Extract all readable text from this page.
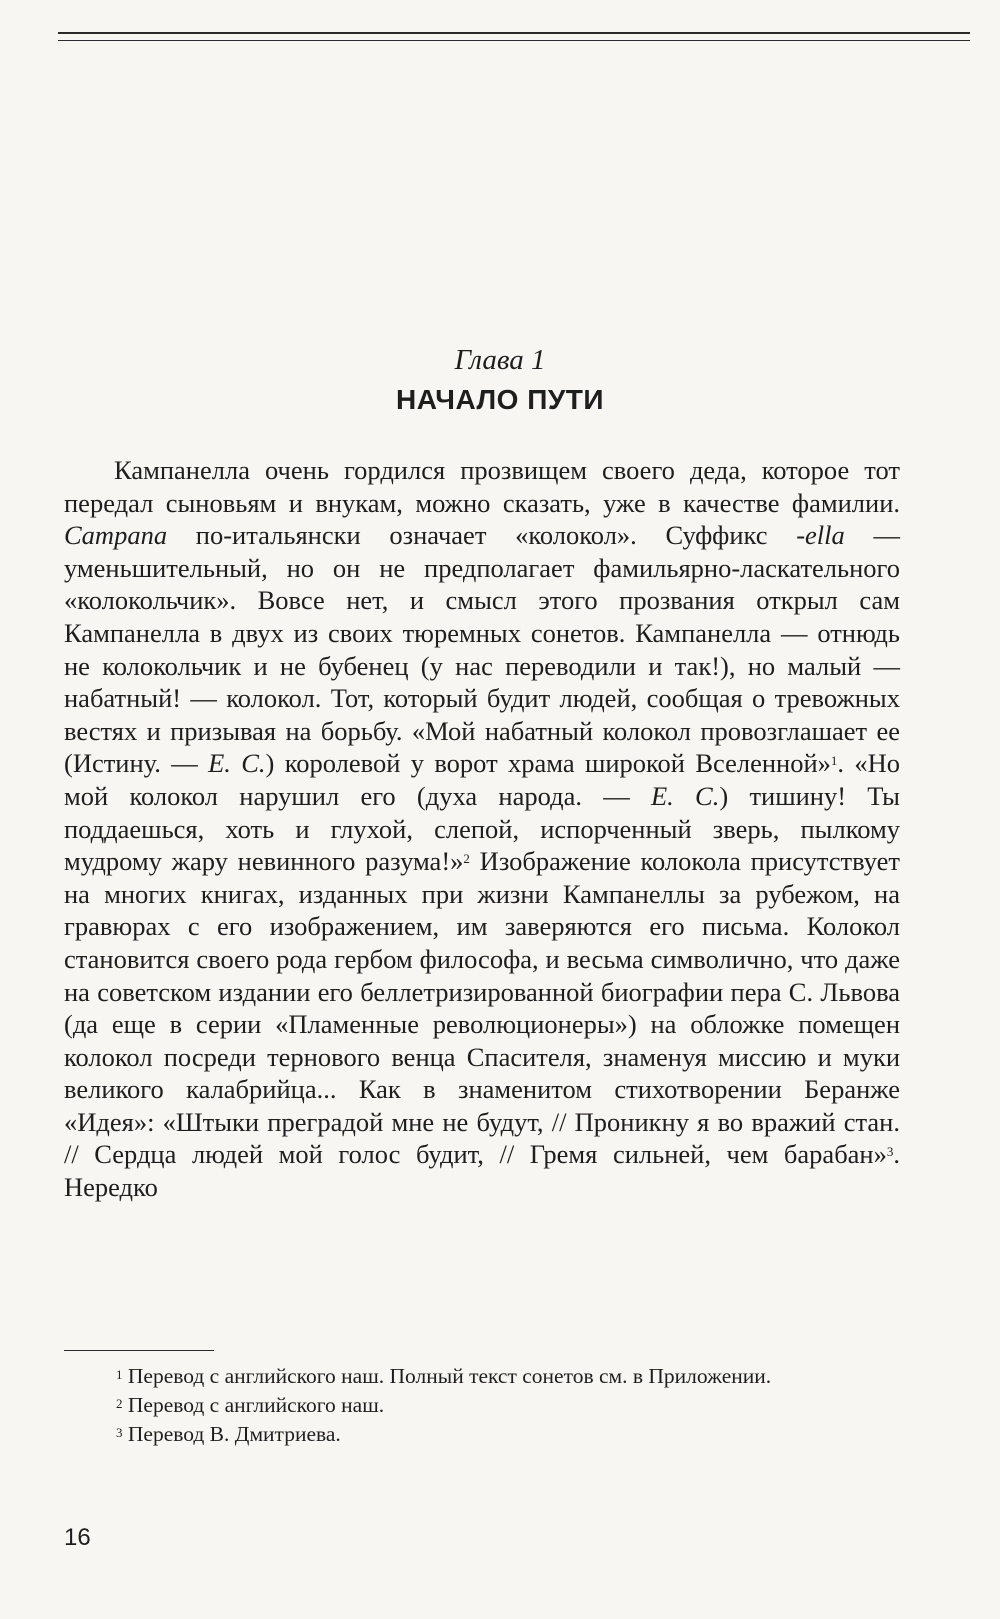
Глава 1
НАЧАЛО ПУТИ

Кампанелла очень гордился прозвищем своего деда, которое тот передал сыновьям и внукам, можно сказать, уже в качестве фамилии. Campana по-итальянски означает «колокол». Суффикс -ella — уменьшительный, но он не предполагает фамильярно-ласкательного «колокольчик». Вовсе нет, и смысл этого прозвания открыл сам Кампанелла в двух из своих тюремных сонетов. Кампанелла — отнюдь не колокольчик и не бубенец (у нас переводили и так!), но малый — набатный! — колокол. Тот, который будит людей, сообщая о тревожных вестях и призывая на борьбу. «Мой набатный колокол провозглашает ее (Истину. — Е. С.) королевой у ворот храма широкой Вселенной»$^1$. «Но мой колокол нарушил его (духа народа. — Е. С.) тишину! Ты поддаешься, хоть и глухой, слепой, испорченный зверь, пылкому мудрому жару невинного разума!»$^2$ Изображение колокола присутствует на многих книгах, изданных при жизни Кампанеллы за рубежом, на гравюрах с его изображением, им заверяются его письма. Колокол становится своего рода гербом философа, и весьма символично, что даже на советском издании его беллетризированной биографии пера С. Львова (да еще в серии «Пламенные революционеры») на обложке помещен колокол посреди тернового венца Спасителя, знаменуя миссию и муки великого калабрийца... Как в знаменитом стихотворении Беранже «Идея»: «Штыки преградой мне не будут, // Проникну я во вражий стан. // Сердца людей мой голос будит, // Гремя сильней, чем барабан»$^3$. Нередко

$^1$ Перевод с английского наш. Полный текст сонетов см. в Приложении.

$^2$ Перевод с английского наш.

$^3$ Перевод В. Дмитриева.

16
